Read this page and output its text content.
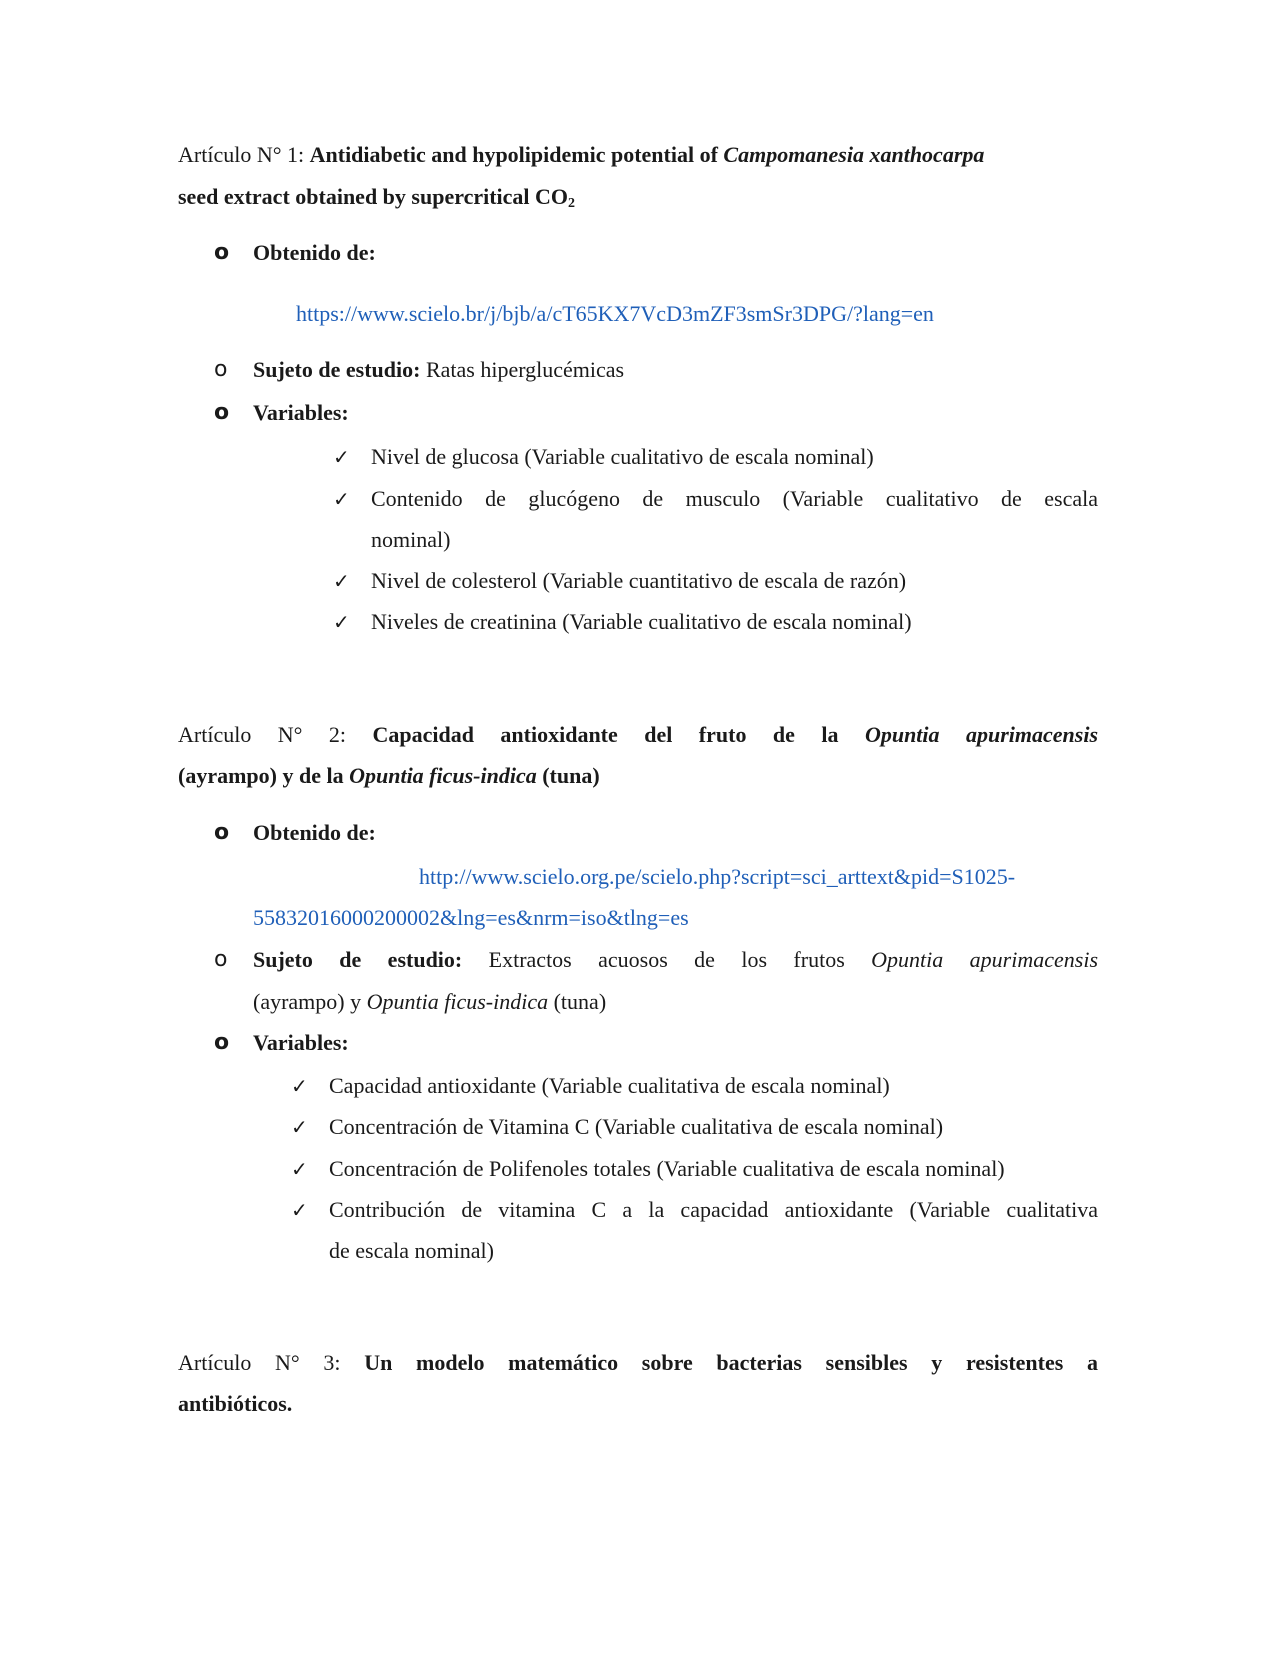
Artículo N° 1: Antidiabetic and hypolipidemic potential of Campomanesia xanthocarpa
seed extract obtained by supercritical $CO_2$
o Obtenido de:
https://www.scielo.br/j/bjb/a/cT65KX7VcD3mZF3smSr3DPG/?lang=en
o Sujeto de estudio: Ratas hiperglucémicas
o Variables:
✓ Nivel de glucosa (Variable cualitativo de escala nominal)
✓ Contenido de glucógeno de musculo (Variable cualitativo de escala
nominal)
✓ Nivel de colesterol (Variable cuantitativo de escala de razón)
✓ Niveles de creatinina (Variable cualitativo de escala nominal)
Artículo N° 2: Capacidad antioxidante del fruto de la Opuntia apurimacensis
(ayrampo) y de la Opuntia ficus-indica (tuna)
o Obtenido de:
http://www.scielo.org.pe/scielo.php?script=sci_arttext&pid=S1025-
55832016000200002&lng=es&nrm=iso&tlng=es
o Sujeto de estudio: Extractos acuosos de los frutos Opuntia apurimacensis
(ayrampo) y Opuntia ficus-indica (tuna)
o Variables:
✓ Capacidad antioxidante (Variable cualitativa de escala nominal)
✓ Concentración de Vitamina C (Variable cualitativa de escala nominal)
✓ Concentración de Polifenoles totales (Variable cualitativa de escala nominal)
✓ Contribución de vitamina C a la capacidad antioxidante (Variable cualitativa
de escala nominal)
Artículo N° 3: Un modelo matemático sobre bacterias sensibles y resistentes a
antibióticos.
